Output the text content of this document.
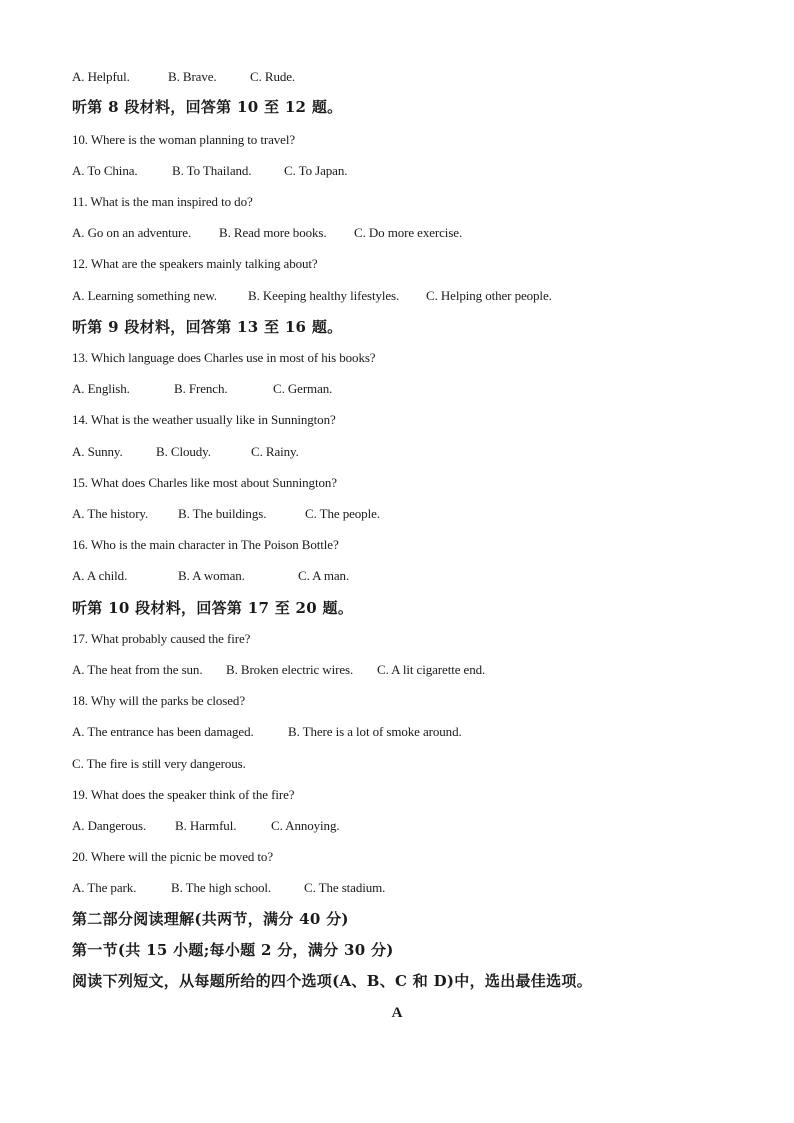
A. Helpful.	B. Brave.	C. Rude.
听第 8 段材料，回答第 10 至 12 题。
10. Where is the woman planning to travel?
A. To China.	B. To Thailand.	C. To Japan.
11. What is the man inspired to do?
A. Go on an adventure. B. Read more books. C. Do more exercise.
12. What are the speakers mainly talking about?
A. Learning something new. B. Keeping healthy lifestyles. C. Helping other people.
听第 9 段材料，回答第 13 至 16 题。
13. Which language does Charles use in most of his books?
A. English.	B. French.	C. German.
14. What is the weather usually like in Sunnington?
A. Sunny.	B. Cloudy.	C. Rainy.
15. What does Charles like most about Sunnington?
A. The history. B. The buildings.	C. The people.
16. Who is the main character in The Poison Bottle?
A. A child.	B. A woman.	C. A man.
听第 10 段材料，回答第 17 至 20 题。
17. What probably caused the fire?
A. The heat from the sun. B. Broken electric wires. C. A lit cigarette end.
18. Why will the parks be closed?
A. The entrance has been damaged.	B. There is a lot of smoke around.
C. The fire is still very dangerous.
19. What does the speaker think of the fire?
A. Dangerous. B. Harmful.	C. Annoying.
20. Where will the picnic be moved to?
A. The park.	B. The high school.	C. The stadium.
第二部分阅读理解(共两节，满分 40 分)
第一节(共 15 小题;每小题 2 分，满分 30 分)
阅读下列短文，从每题所给的四个选项(A、B、C 和 D)中，选出最佳选项。
A
